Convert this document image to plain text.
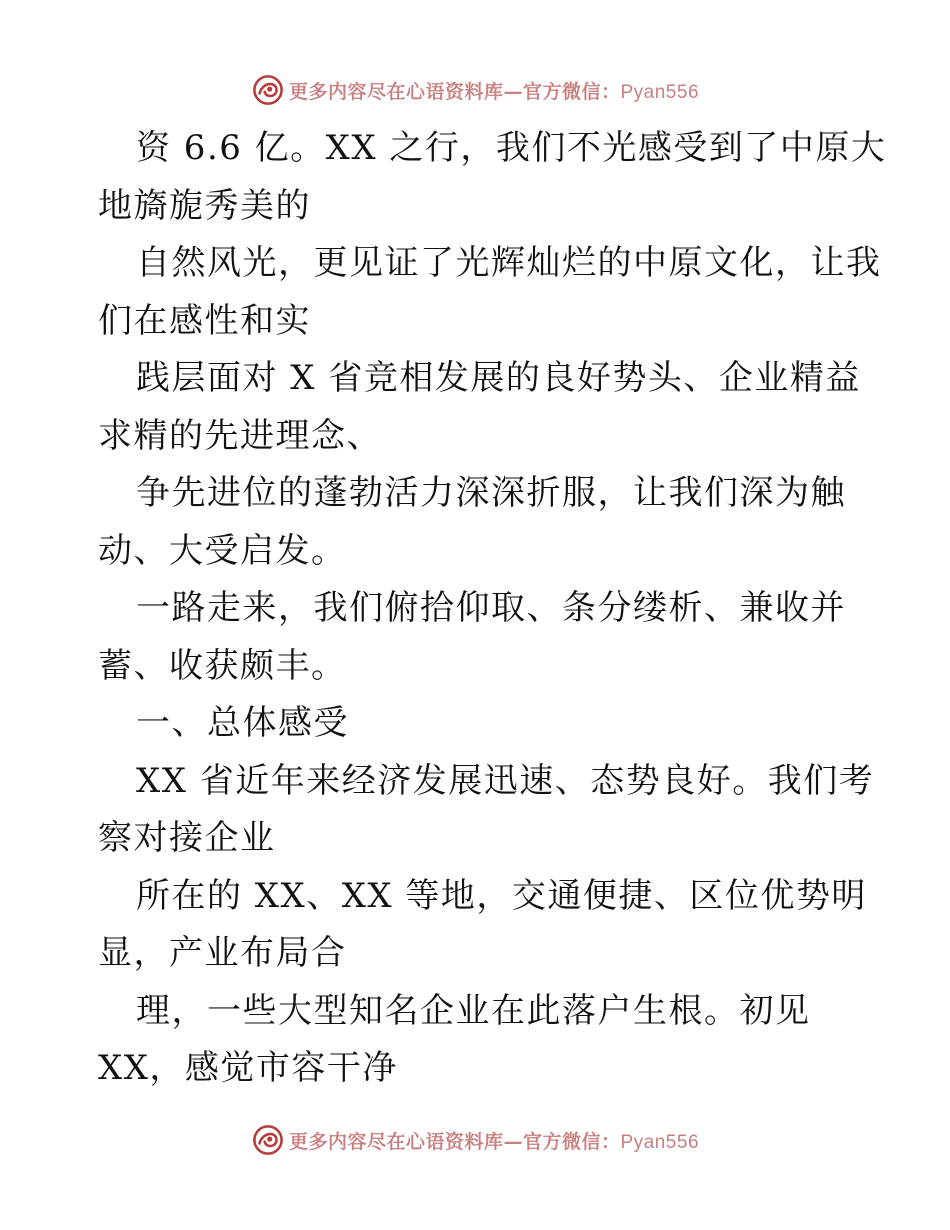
更多内容尽在心语资料库—官方微信：Pyan556
资 6.6 亿。XX 之行，我们不光感受到了中原大
地旖旎秀美的
自然风光，更见证了光辉灿烂的中原文化，让我
们在感性和实
践层面对 X 省竞相发展的良好势头、企业精益
求精的先进理念、
争先进位的蓬勃活力深深折服，让我们深为触
动、大受启发。
一路走来，我们俯拾仰取、条分缕析、兼收并
蓄、收获颇丰。
一、总体感受
XX 省近年来经济发展迅速、态势良好。我们考
察对接企业
所在的 XX、XX 等地，交通便捷、区位优势明
显，产业布局合
理，一些大型知名企业在此落户生根。初见
XX，感觉市容干净
更多内容尽在心语资料库—官方微信：Pyan556
